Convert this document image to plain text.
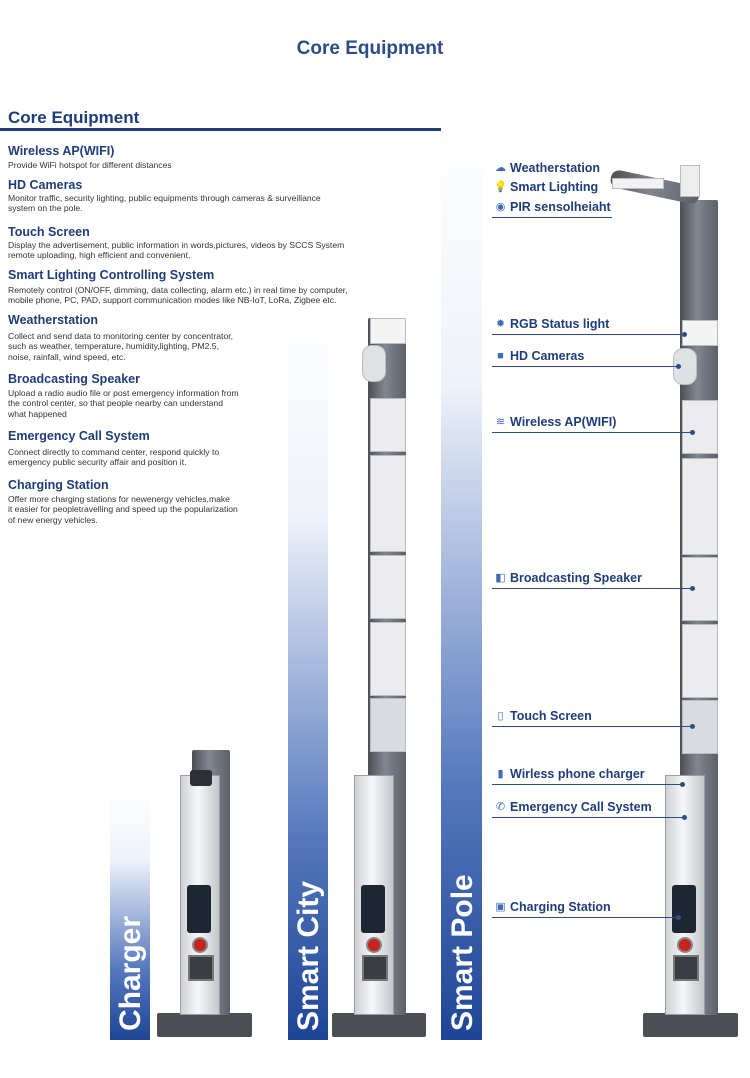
Core Equipment
Core Equipment
Wireless AP(WIFI)
Provide WiFi hotspot for different distances
HD Cameras
Monitor traffic, security lighting, public equipments through cameras & surveillance
system on the pole.
Touch Screen
Display the advertisement, public information in words,pictures, videos by SCCS System
remote uploading, high efficient and convenient.
Smart Lighting Controlling System
Remotely control (ON/OFF, dimming, data collecting, alarm etc.) in real time by computer,
mobile phone, PC, PAD, support communication modes like NB-IoT, LoRa, Zigbee etc.
Weatherstation
Collect and send data to monitoring center by concentrator,
such as weather, temperature, humidity,lighting, PM2.5,
noise, rainfall, wind speed, etc.
Broadcasting Speaker
Upload a radio audio file or post emergency information from
the control center, so that people nearby can understand
what happened
Emergency Call System
Connect directly to command center, respond quickly to
emergency public security affair and position it.
Charging Station
Offer more charging stations for newenergy vehicles,make
it easier for peopletravelling and speed up the popularization
of new energy vehicles.
Charger	Smart City	Smart Pole
☁ Weatherstation
💡 Smart Lighting
◉ PIR sensolheiaht
✹ RGB Status light
■ HD Cameras
≋ Wireless AP(WIFI)
◧ Broadcasting Speaker
▯ Touch Screen
▮ Wirless phone charger
✆ Emergency Call System
▣ Charging Station
